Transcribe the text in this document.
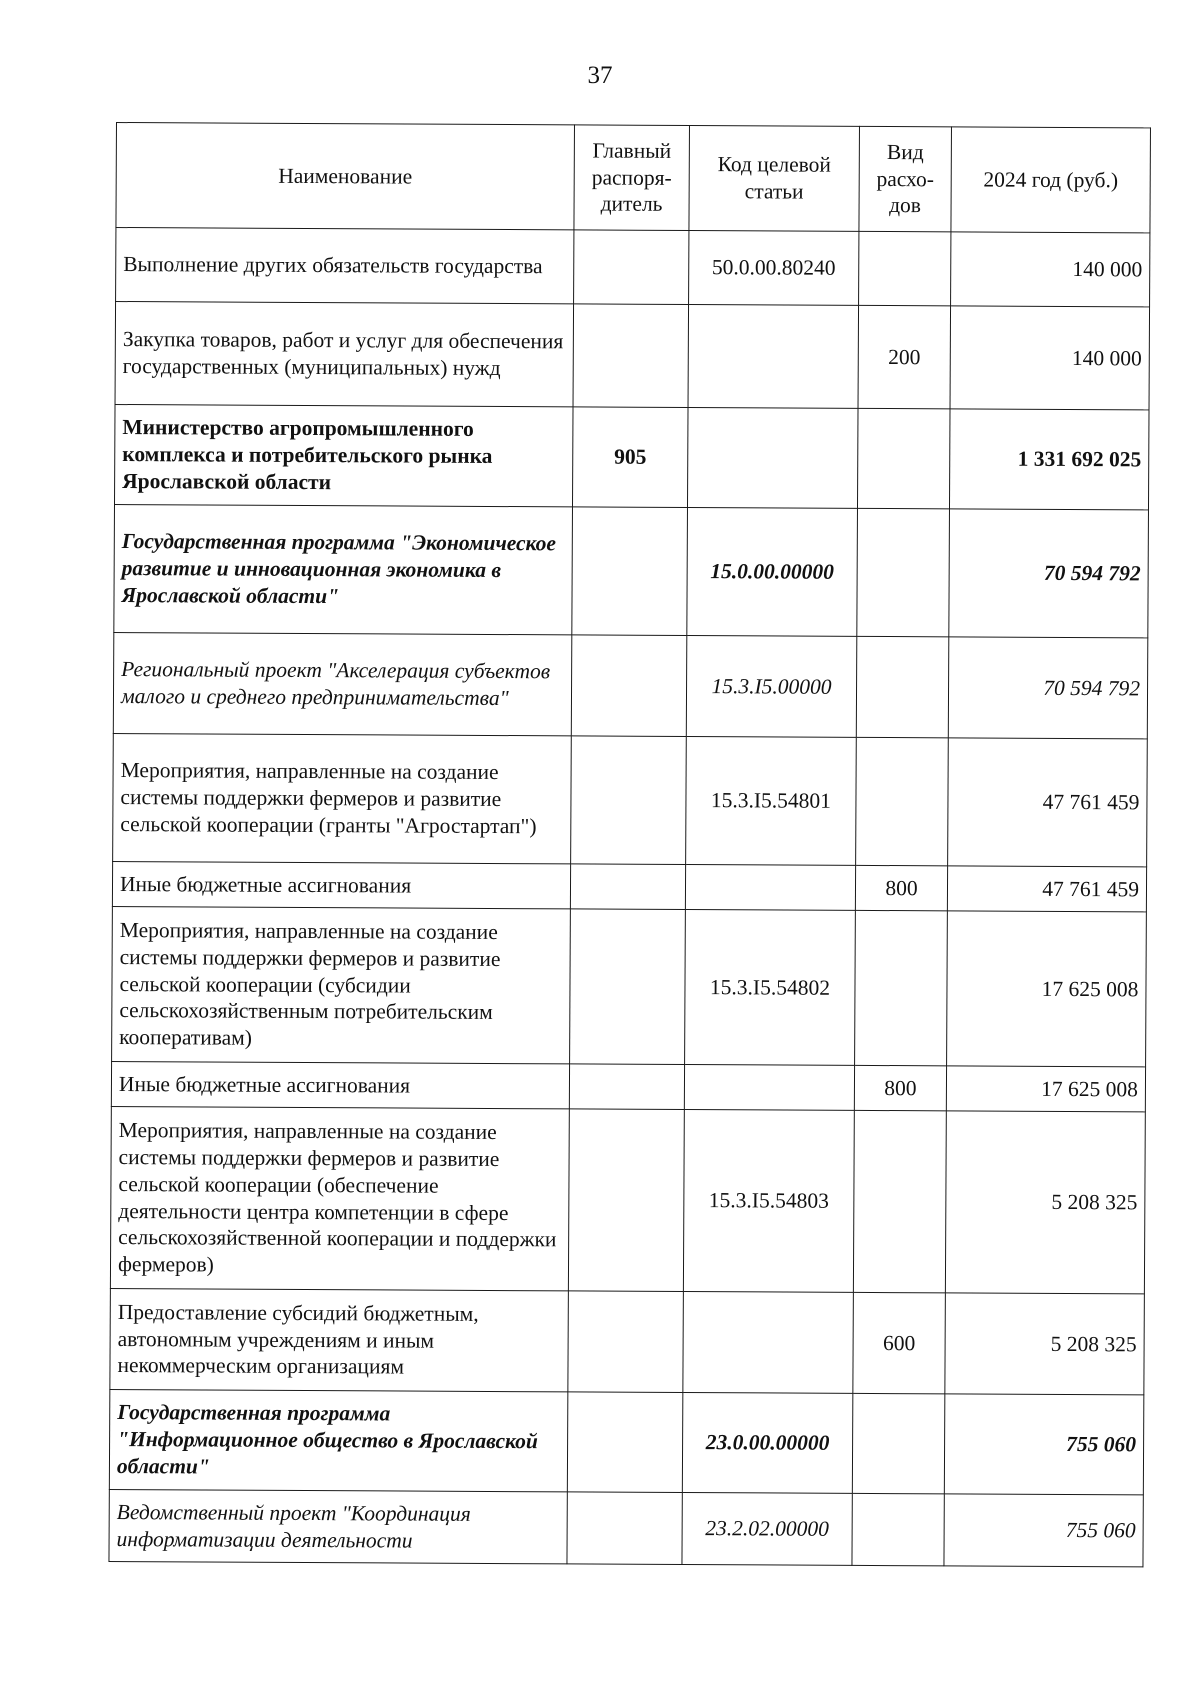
37
Наименование	Главный распоря-дитель	Код целевой статьи	Вид расхо-дов	2024 год (руб.)
Выполнение других обязательств государства		50.0.00.80240		140 000
Закупка товаров, работ и услуг для обеспечения государственных (муниципальных) нужд			200	140 000
Министерство агропромышленного комплекса и потребительского рынка Ярославской области	905			1 331 692 025
Государственная программа "Экономическое развитие и инновационная экономика в Ярославской области"		15.0.00.00000		70 594 792
Региональный проект "Акселерация субъектов малого и среднего предпринимательства"		15.3.I5.00000		70 594 792
Мероприятия, направленные на создание системы поддержки фермеров и развитие сельской кооперации (гранты "Агростартап")		15.3.I5.54801		47 761 459
Иные бюджетные ассигнования			800	47 761 459
Мероприятия, направленные на создание системы поддержки фермеров и развитие сельской кооперации (субсидии сельскохозяйственным потребительским кооперативам)		15.3.I5.54802		17 625 008
Иные бюджетные ассигнования			800	17 625 008
Мероприятия, направленные на создание системы поддержки фермеров и развитие сельской кооперации (обеспечение деятельности центра компетенции в сфере сельскохозяйственной кооперации и поддержки фермеров)		15.3.I5.54803		5 208 325
Предоставление субсидий бюджетным, автономным учреждениям и иным некоммерческим организациям			600	5 208 325
Государственная программа "Информационное общество в Ярославской области"		23.0.00.00000		755 060
Ведомственный проект "Координация информатизации деятельности		23.2.02.00000		755 060
